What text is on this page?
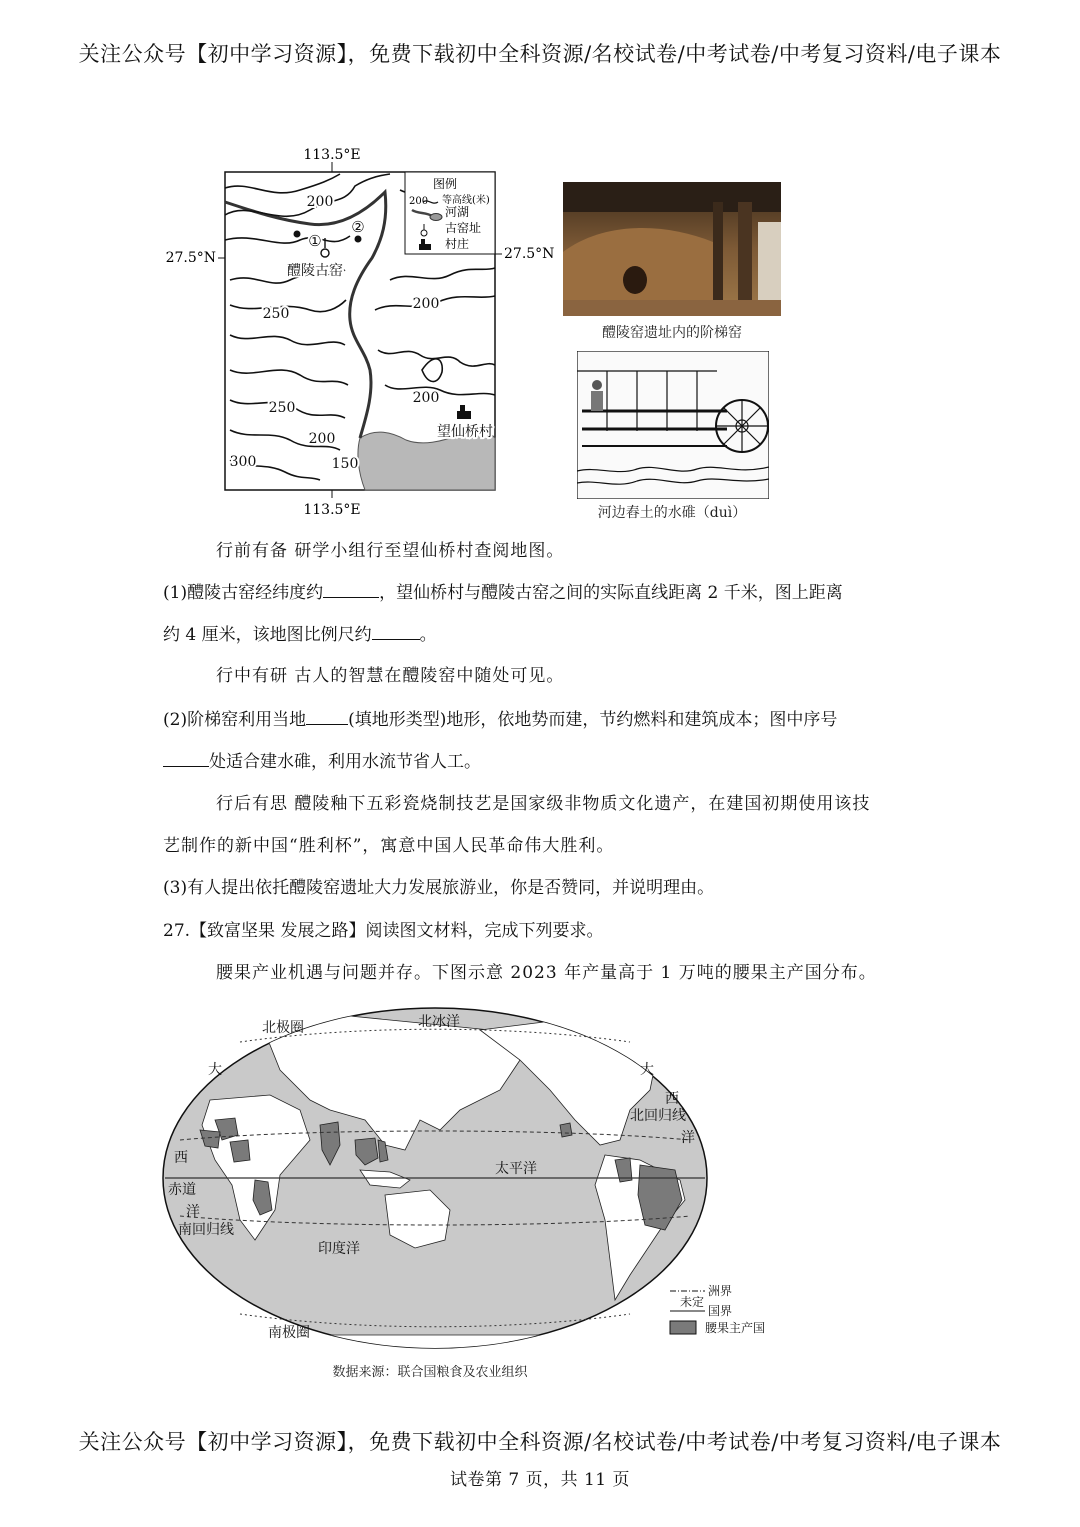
关注公众号【初中学习资源】，免费下载初中全科资源/名校试卷/中考试卷/中考复习资料/电子课本
113.5°E
27.5°N	27.5°N
200
200
250
250
200
200
300	150
①
②
醴陵古窑
望仙桥村
图例
200 等高线(米)
河湖
古窑址
村庄
113.5°E
醴陵窑遗址内的阶梯窑
河边舂土的水碓（duì）
行前有备 研学小组行至望仙桥村查阅地图。
(1)醴陵古窑经纬度约	，望仙桥村与醴陵古窑之间的实际直线距离 2 千米，图上距离
约 4 厘米，该地图比例尺约	。
行中有研 古人的智慧在醴陵窑中随处可见。
(2)阶梯窑利用当地 (填地形类型)地形，依地势而建，节约燃料和建筑成本；图中序号
处适合建水碓，利用水流节省人工。
行后有思 醴陵釉下五彩瓷烧制技艺是国家级非物质文化遗产，在建国初期使用该技
艺制作的新中国“胜利杯”，寓意中国人民革命伟大胜利。
(3)有人提出依托醴陵窑遗址大力发展旅游业，你是否赞同，并说明理由。
27.【致富坚果 发展之路】阅读图文材料，完成下列要求。
腰果产业机遇与问题并存。下图示意 2023 年产量高于 1 万吨的腰果主产国分布。
北极圈	北冰洋
大
西
大
西
北回归线
洋
太平洋
赤道
洋
南回归线
印度洋
南极圈
洲界
未定
国界
腰果主产国
数据来源：联合国粮食及农业组织
关注公众号【初中学习资源】，免费下载初中全科资源/名校试卷/中考试卷/中考复习资料/电子课本
试卷第 7 页，共 11 页
